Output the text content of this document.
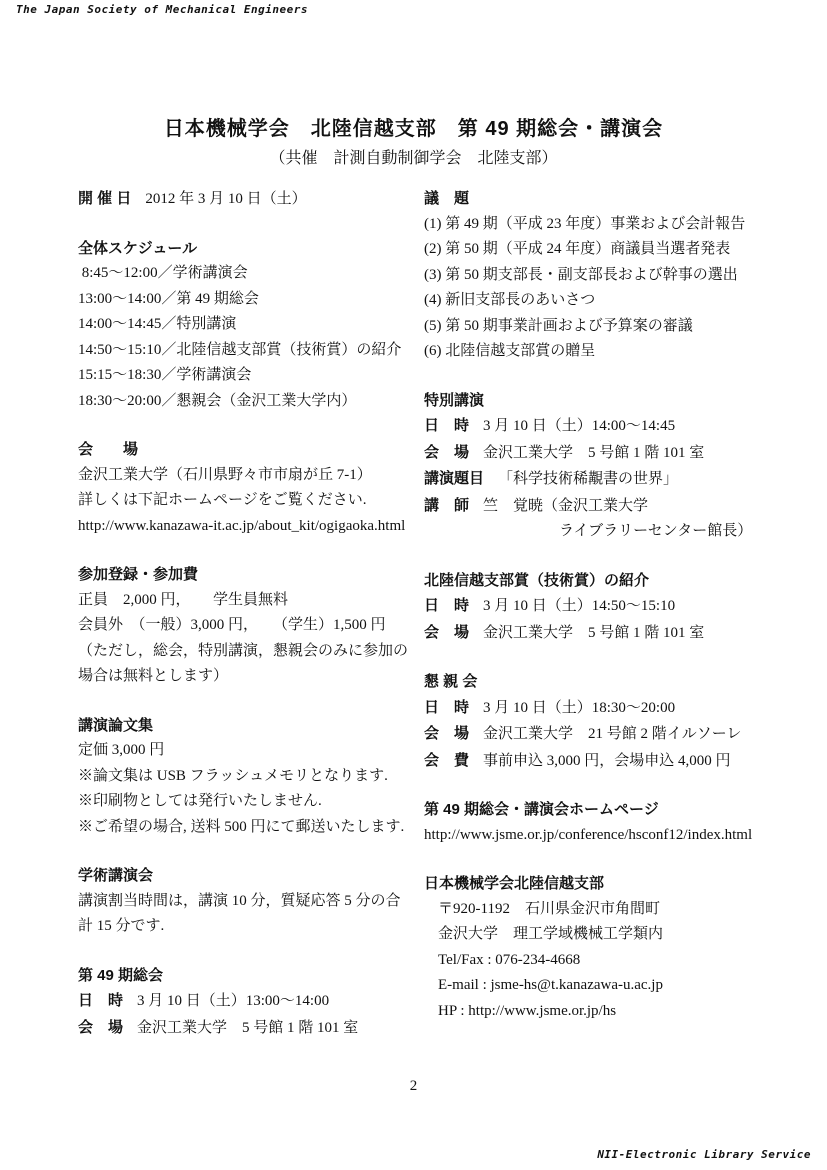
The Japan Society of Mechanical Engineers
日本機械学会　北陸信越支部　第 49 期総会・講演会
（共催　計測自動制御学会　北陸支部）
開 催 日 2012 年 3 月 10 日（土）
全体スケジュール
8:45〜12:00／学術講演会
13:00〜14:00／第 49 期総会
14:00〜14:45／特別講演
14:50〜15:10／北陸信越支部賞（技術賞）の紹介
15:15〜18:30／学術講演会
18:30〜20:00／懇親会（金沢工業大学内）
会　　場
金沢工業大学（石川県野々市市扇が丘 7-1）
詳しくは下記ホームページをご覧ください.
http://www.kanazawa-it.ac.jp/about_kit/ogigaoka.html
参加登録・参加費
正員　2,000 円，　　学生員無料
会員外　（一般）3,000 円，　　（学生）1,500 円
（ただし，総会，特別講演，懇親会のみに参加の
場合は無料とします）
講演論文集
定価 3,000 円
※論文集は USB フラッシュメモリとなります.
※印刷物としては発行いたしません.
※ご希望の場合, 送料 500 円にて郵送いたします.
学術講演会
講演割当時間は，講演 10 分，質疑応答 5 分の合
計 15 分です.
第 49 期総会
日　時 3 月 10 日（土）13:00〜14:00
会　場 金沢工業大学　5 号館 1 階 101 室
議　題
(1) 第 49 期（平成 23 年度）事業および会計報告
(2) 第 50 期（平成 24 年度）商議員当選者発表
(3) 第 50 期支部長・副支部長および幹事の選出
(4) 新旧支部長のあいさつ
(5) 第 50 期事業計画および予算案の審議
(6) 北陸信越支部賞の贈呈
特別講演
日　時 3 月 10 日（土）14:00〜14:45
会　場 金沢工業大学　5 号館 1 階 101 室
講演題目 「科学技術稀覯書の世界」
講　師 竺　覚暁（金沢工業大学
ライブラリーセンター館長）
北陸信越支部賞（技術賞）の紹介
日　時 3 月 10 日（土）14:50〜15:10
会　場 金沢工業大学　5 号館 1 階 101 室
懇 親 会
日　時 3 月 10 日（土）18:30〜20:00
会　場 金沢工業大学　21 号館 2 階イルソーレ
会　費 事前申込 3,000 円，会場申込 4,000 円
第 49 期総会・講演会ホームページ
http://www.jsme.or.jp/conference/hsconf12/index.html
日本機械学会北陸信越支部
〒920-1192　石川県金沢市角間町
金沢大学　理工学域機械工学類内
Tel/Fax : 076-234-4668
E-mail : jsme-hs@t.kanazawa-u.ac.jp
HP : http://www.jsme.or.jp/hs
2
NII-Electronic Library Service
